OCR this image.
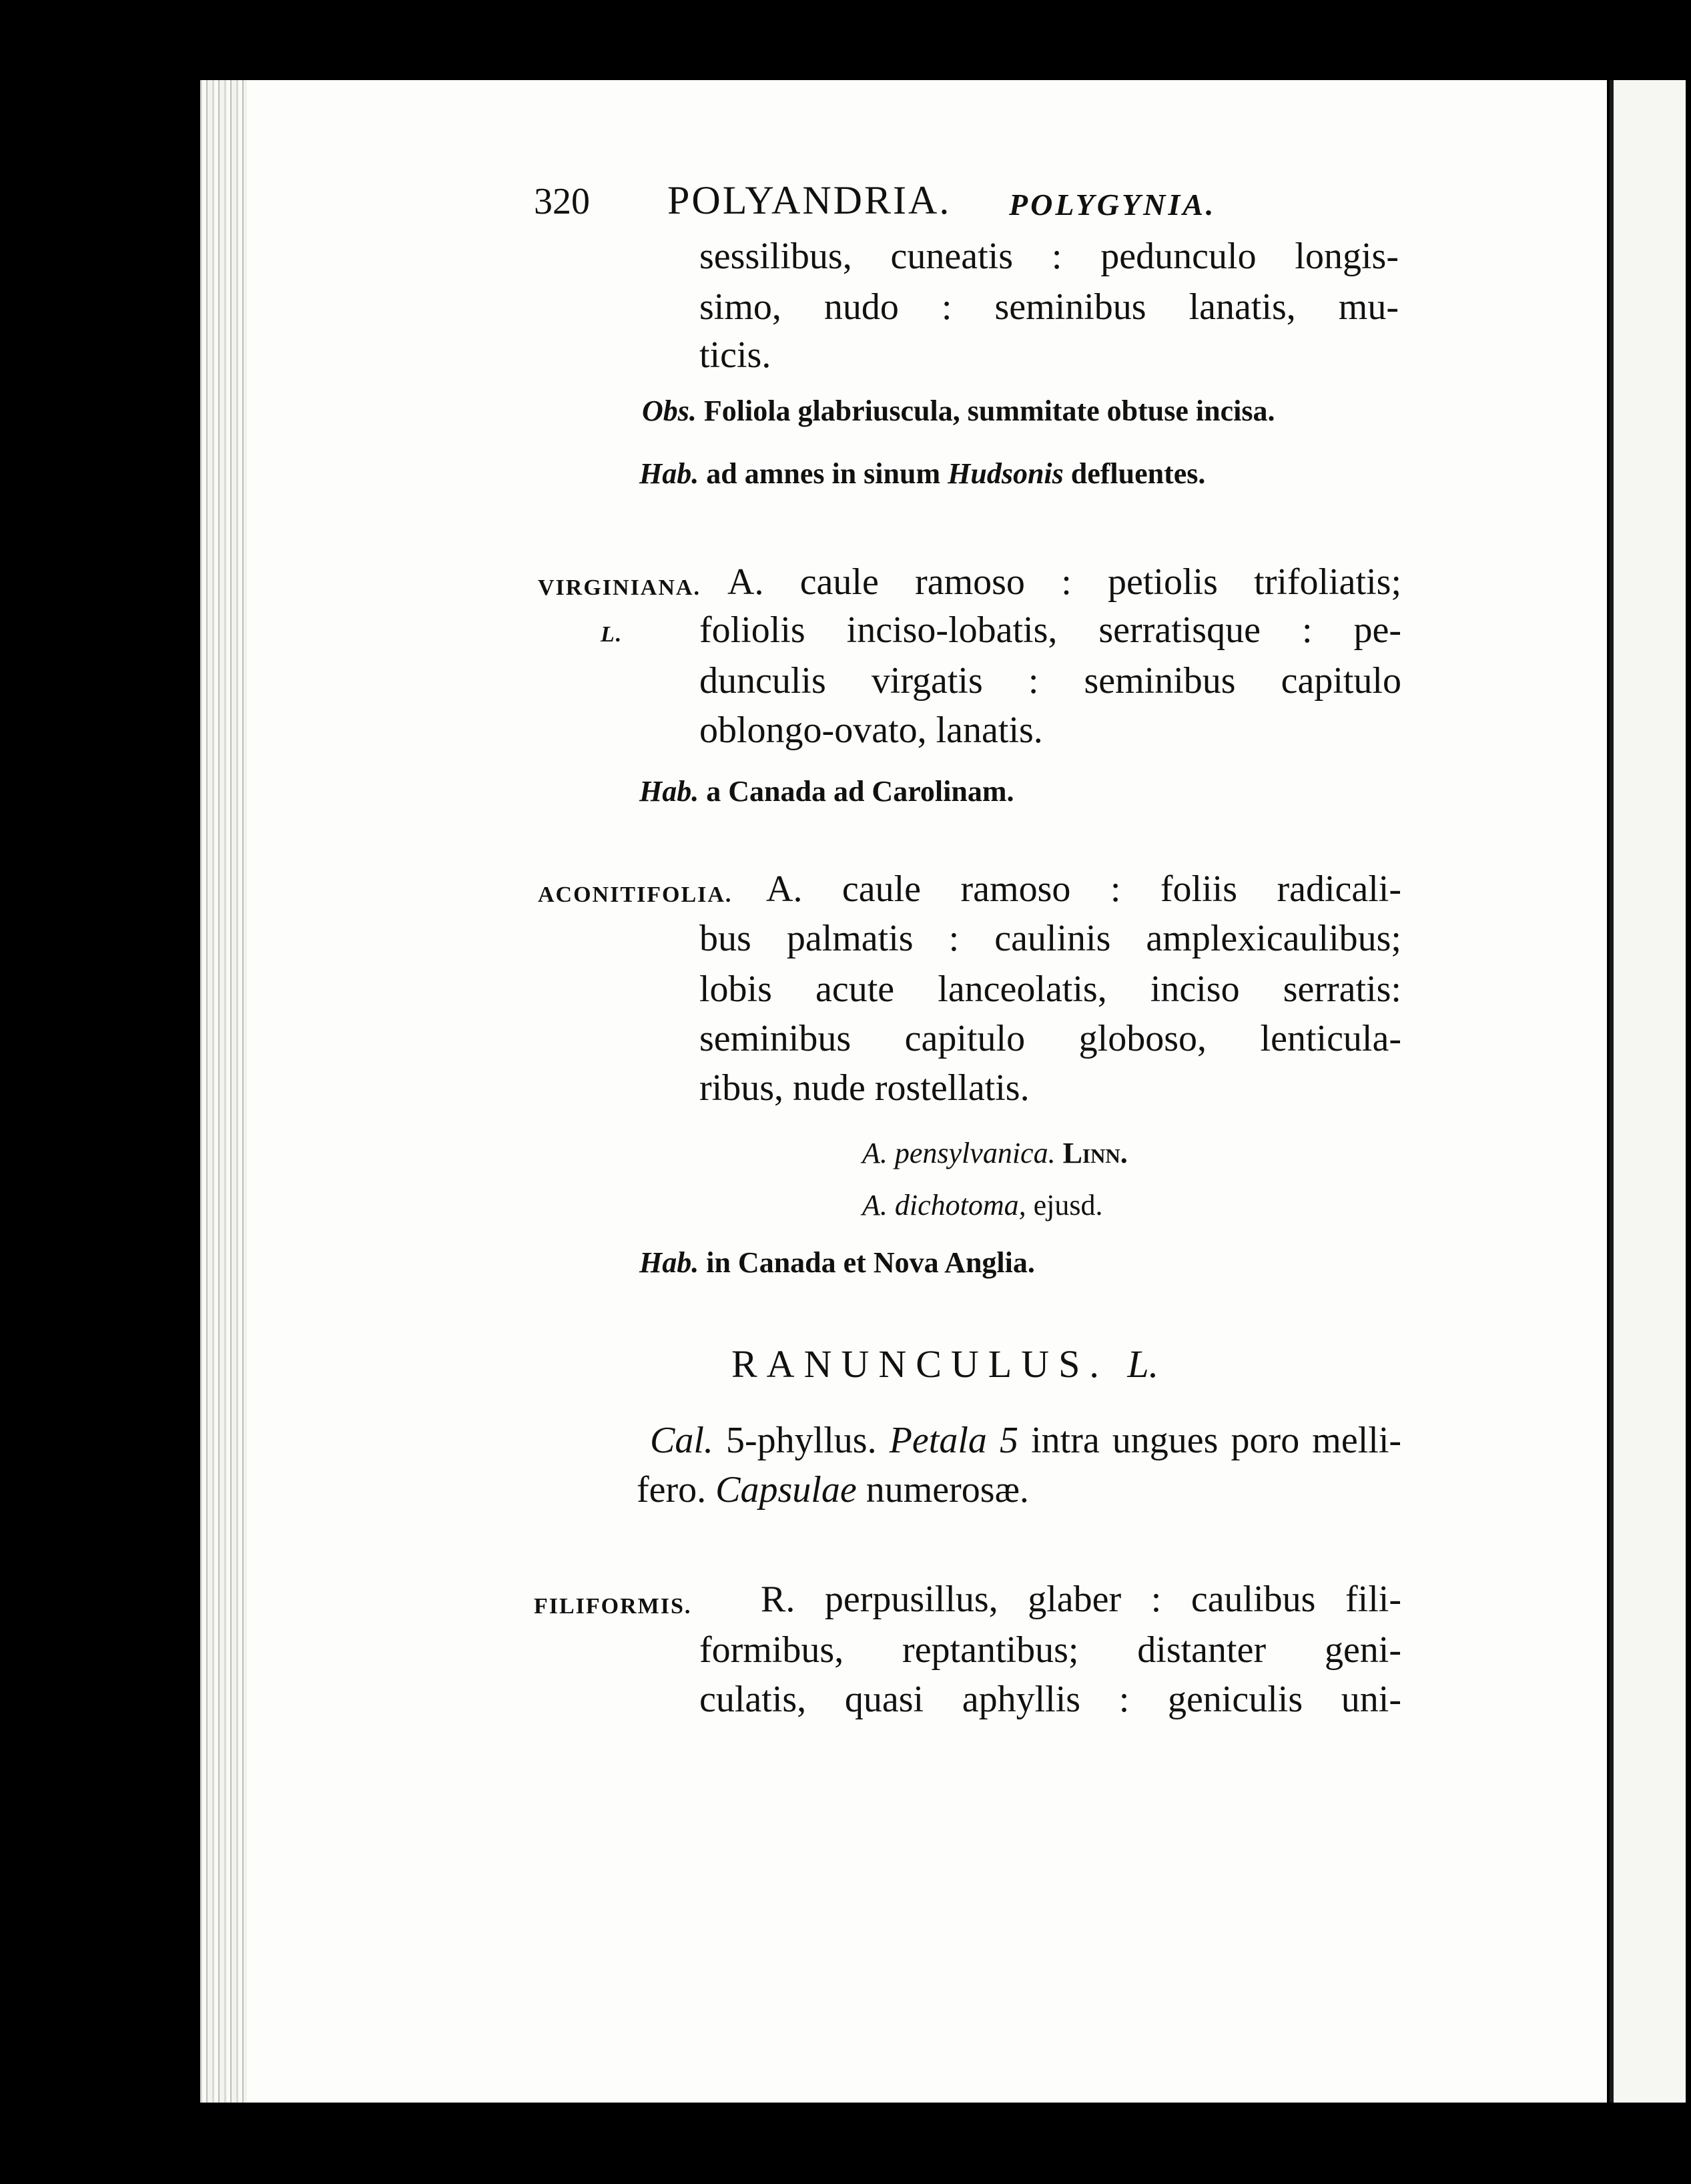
320 POLYANDRIA. POLYGYNIA.
sessilibus, cuneatis : pedunculo longis-
simo, nudo : seminibus lanatis, mu-
ticis.
Obs. Foliola glabriuscula, summitate obtuse incisa.
Hab. ad amnes in sinum Hudsonis defluentes.
VIRGINIANA.
L.
A. caule ramoso : petiolis trifoliatis;
foliolis inciso-lobatis, serratisque : pe-
dunculis virgatis : seminibus capitulo
oblongo-ovato, lanatis.
Hab. a Canada ad Carolinam.
ACONITIFOLIA. A. caule ramoso : foliis radicali-
bus palmatis : caulinis amplexicaulibus;
lobis acute lanceolatis, inciso serratis:
seminibus capitulo globoso, lenticula-
ribus, nude rostellatis.
A. pensylvanica. Linn.
A. dichotoma, ejusd.
Hab. in Canada et Nova Anglia.
RANUNCULUS. L.
Cal. 5-phyllus. Petala 5 intra ungues poro melli-
fero. Capsulae numerosæ.
FILIFORMIS. R. perpusillus, glaber : caulibus fili-
formibus, reptantibus; distanter geni-
culatis, quasi aphyllis : geniculis uni-
